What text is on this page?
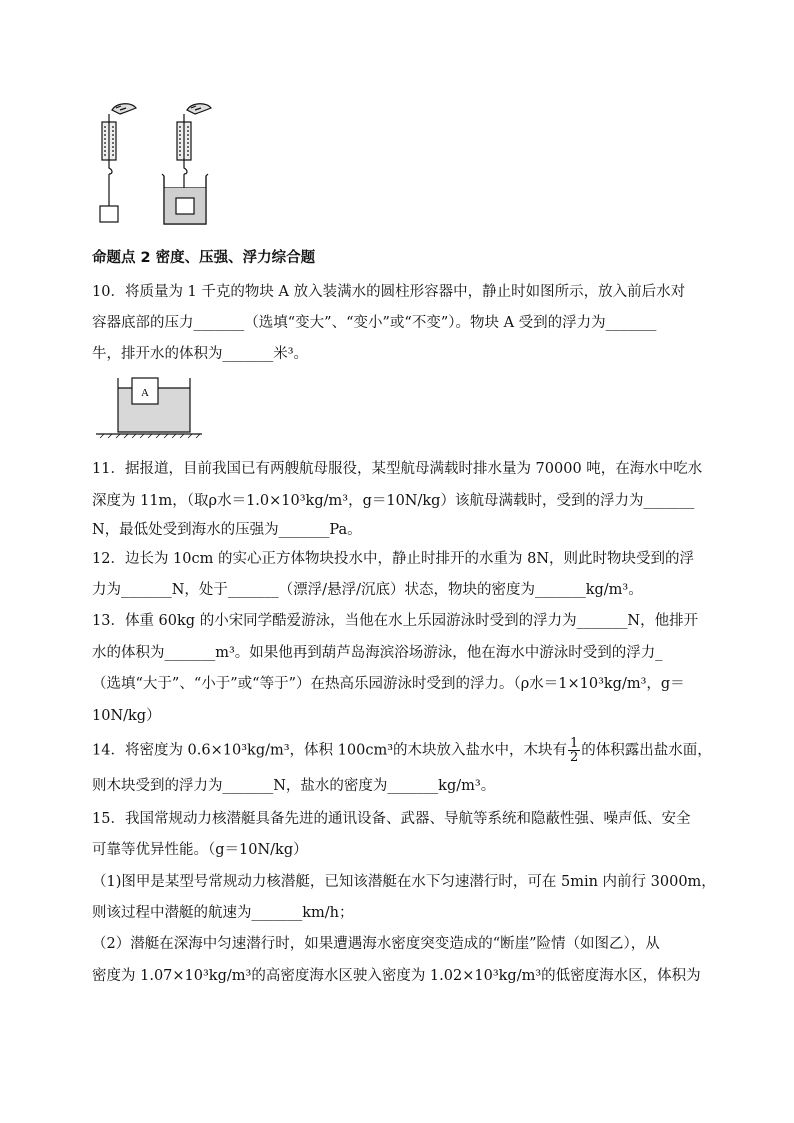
命题点 2 密度、压强、浮力综合题
10．将质量为 1 千克的物块 A 放入装满水的圆柱形容器中，静止时如图所示，放入前后水对
容器底部的压力_______（选填“变大”、“变小”或“不变”）。物块 A 受到的浮力为_______
牛，排开水的体积为_______米³。
A
11．据报道，目前我国已有两艘航母服役，某型航母满载时排水量为 70000 吨，在海水中吃水
深度为 11m，（取ρ水＝1.0×10³kg/m³，g＝10N/kg）该航母满载时，受到的浮力为_______
N，最低处受到海水的压强为_______Pa。
12．边长为 10cm 的实心正方体物块投水中，静止时排开的水重为 8N，则此时物块受到的浮
力为_______N，处于_______（漂浮/悬浮/沉底）状态，物块的密度为_______kg/m³。
13．体重 60kg 的小宋同学酷爱游泳，当他在水上乐园游泳时受到的浮力为_______N，他排开
水的体积为_______m³。如果他再到葫芦岛海滨浴场游泳，他在海水中游泳时受到的浮力_
（选填“大于”、“小于”或“等于”）在热高乐园游泳时受到的浮力。（ρ水＝1×10³kg/m³，g＝
10N/kg）
14．将密度为 0.6×10³kg/m³，体积 100cm³的木块放入盐水中，木块有 $\frac{1}{2}$ 的体积露出盐水面，
则木块受到的浮力为_______N，盐水的密度为_______kg/m³。
15．我国常规动力核潜艇具备先进的通讯设备、武器、导航等系统和隐蔽性强、噪声低、安全
可靠等优异性能。（g＝10N/kg）
（1)图甲是某型号常规动力核潜艇，已知该潜艇在水下匀速潜行时，可在 5min 内前行 3000m，
则该过程中潜艇的航速为_______km/h；
（2）潜艇在深海中匀速潜行时，如果遭遇海水密度突变造成的“断崖”险情（如图乙），从
密度为 1.07×10³kg/m³的高密度海水区驶入密度为 1.02×10³kg/m³的低密度海水区，体积为
